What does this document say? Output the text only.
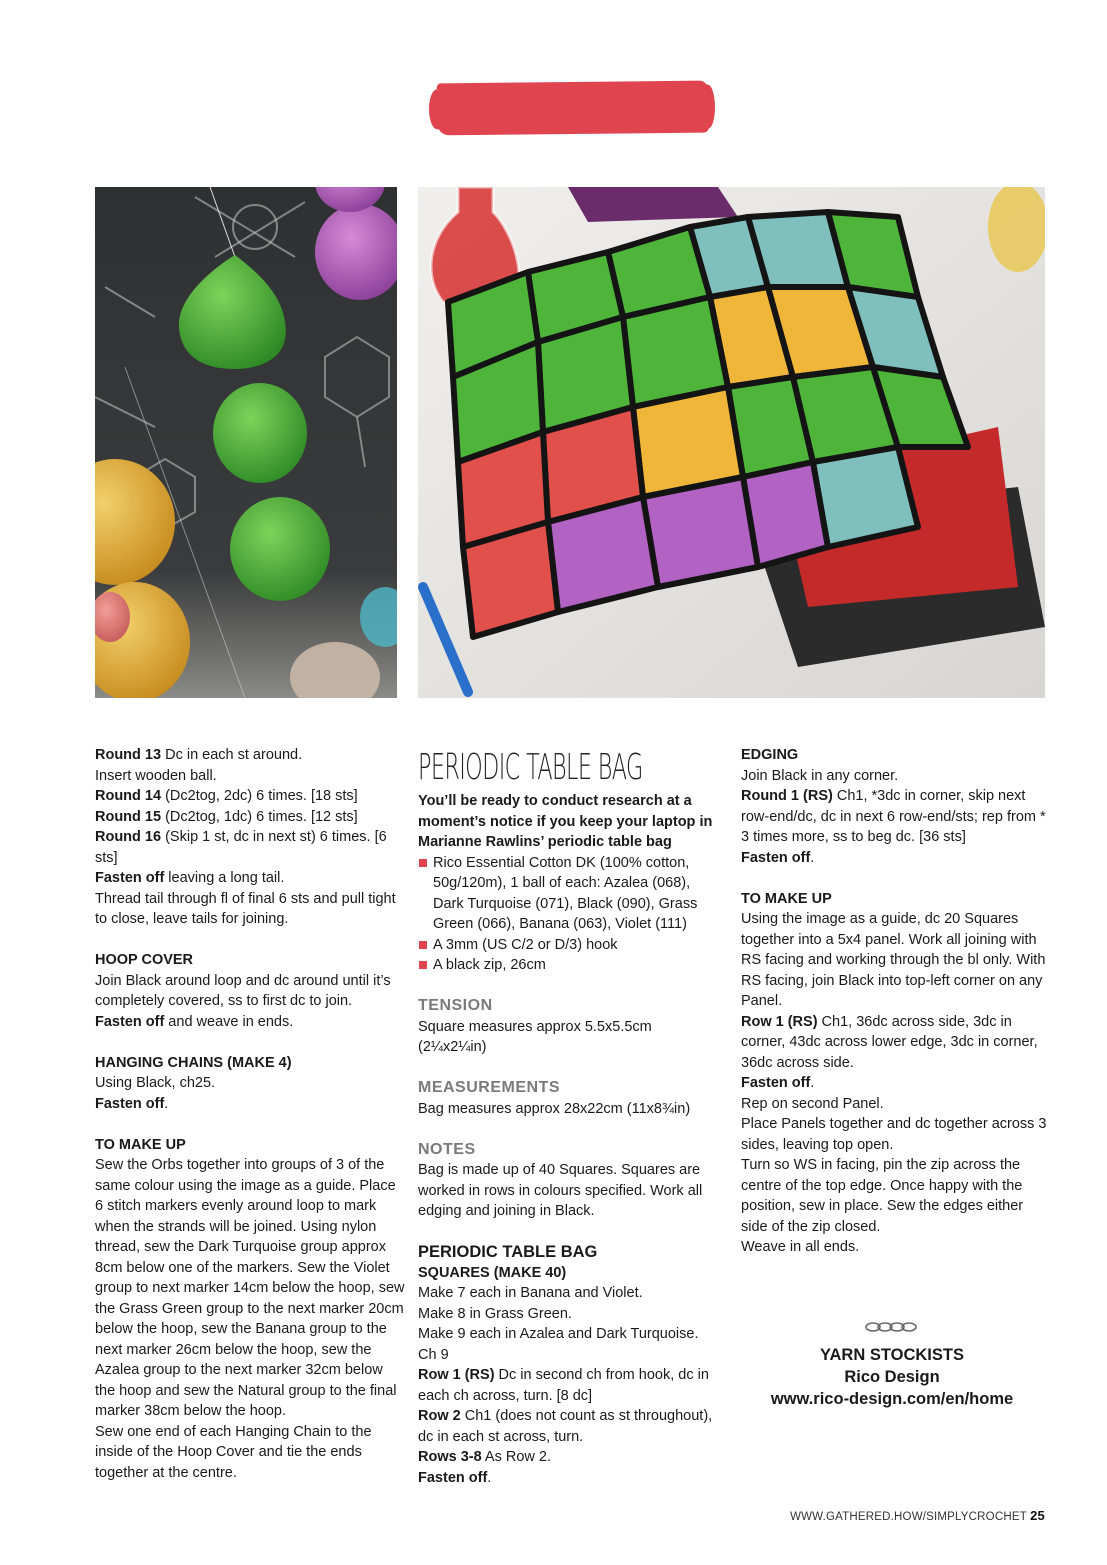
SCIENCE COLLECTION

Round 13 Dc in each st around.

Insert wooden ball.

Round 14 (Dc2tog, 2dc) 6 times. [18 sts]

Round 15 (Dc2tog, 1dc) 6 times. [12 sts]

Round 16 (Skip 1 st, dc in next st) 6 times. [6 sts]

Fasten off leaving a long tail.

Thread tail through fl of final 6 sts and pull tight to close, leave tails for joining.

HOOP COVER

Join Black around loop and dc around until it’s completely covered, ss to first dc to join.

Fasten off and weave in ends.

HANGING CHAINS (MAKE 4)

Using Black, ch25.

Fasten off.

TO MAKE UP

Sew the Orbs together into groups of 3 of the same colour using the image as a guide. Place 6 stitch markers evenly around loop to mark when the strands will be joined. Using nylon thread, sew the Dark Turquoise group approx 8cm below one of the markers. Sew the Violet group to next marker 14cm below the hoop, sew the Grass Green group to the next marker 20cm below the hoop, sew the Banana group to the next marker 26cm below the hoop, sew the Azalea group to the next marker 32cm below the hoop and sew the Natural group to the final marker 38cm below the hoop.

Sew one end of each Hanging Chain to the inside of the Hoop Cover and tie the ends together at the centre.

PERIODIC TABLE BAG

You’ll be ready to conduct research at a moment’s notice if you keep your laptop in Marianne Rawlins’ periodic table bag

Rico Essential Cotton DK (100% cotton, 50g/120m), 1 ball of each: Azalea (068), Dark Turquoise (071), Black (090), Grass Green (066), Banana (063), Violet (111)
A 3mm (US C/2 or D/3) hook
A black zip, 26cm

TENSION

Square measures approx 5.5x5.5cm (2¼x2¼in)

MEASUREMENTS

Bag measures approx 28x22cm (11x8¾in)

NOTES

Bag is made up of 40 Squares. Squares are worked in rows in colours specified. Work all edging and joining in Black.

PERIODIC TABLE BAG

SQUARES (MAKE 40)

Make 7 each in Banana and Violet.

Make 8 in Grass Green.

Make 9 each in Azalea and Dark Turquoise.

Ch 9

Row 1 (RS) Dc in second ch from hook, dc in each ch across, turn. [8 dc]

Row 2 Ch1 (does not count as st throughout), dc in each st across, turn.

Rows 3-8 As Row 2.

Fasten off.

EDGING

Join Black in any corner.

Round 1 (RS) Ch1, *3dc in corner, skip next row-end/dc, dc in next 6 row-end/sts; rep from * 3 times more, ss to beg dc. [36 sts]

Fasten off.

TO MAKE UP

Using the image as a guide, dc 20 Squares together into a 5x4 panel. Work all joining with RS facing and working through the bl only. With RS facing, join Black into top-left corner on any Panel.

Row 1 (RS) Ch1, 36dc across side, 3dc in corner, 43dc across lower edge, 3dc in corner, 36dc across side.

Fasten off.

Rep on second Panel.

Place Panels together and dc together across 3 sides, leaving top open.

Turn so WS in facing, pin the zip across the centre of the top edge. Once happy with the position, sew in place. Sew the edges either side of the zip closed.

Weave in all ends.

YARN STOCKISTS

Rico Design

www.rico-design.com/en/home

WWW.GATHERED.HOW/SIMPLYCROCHET 25
